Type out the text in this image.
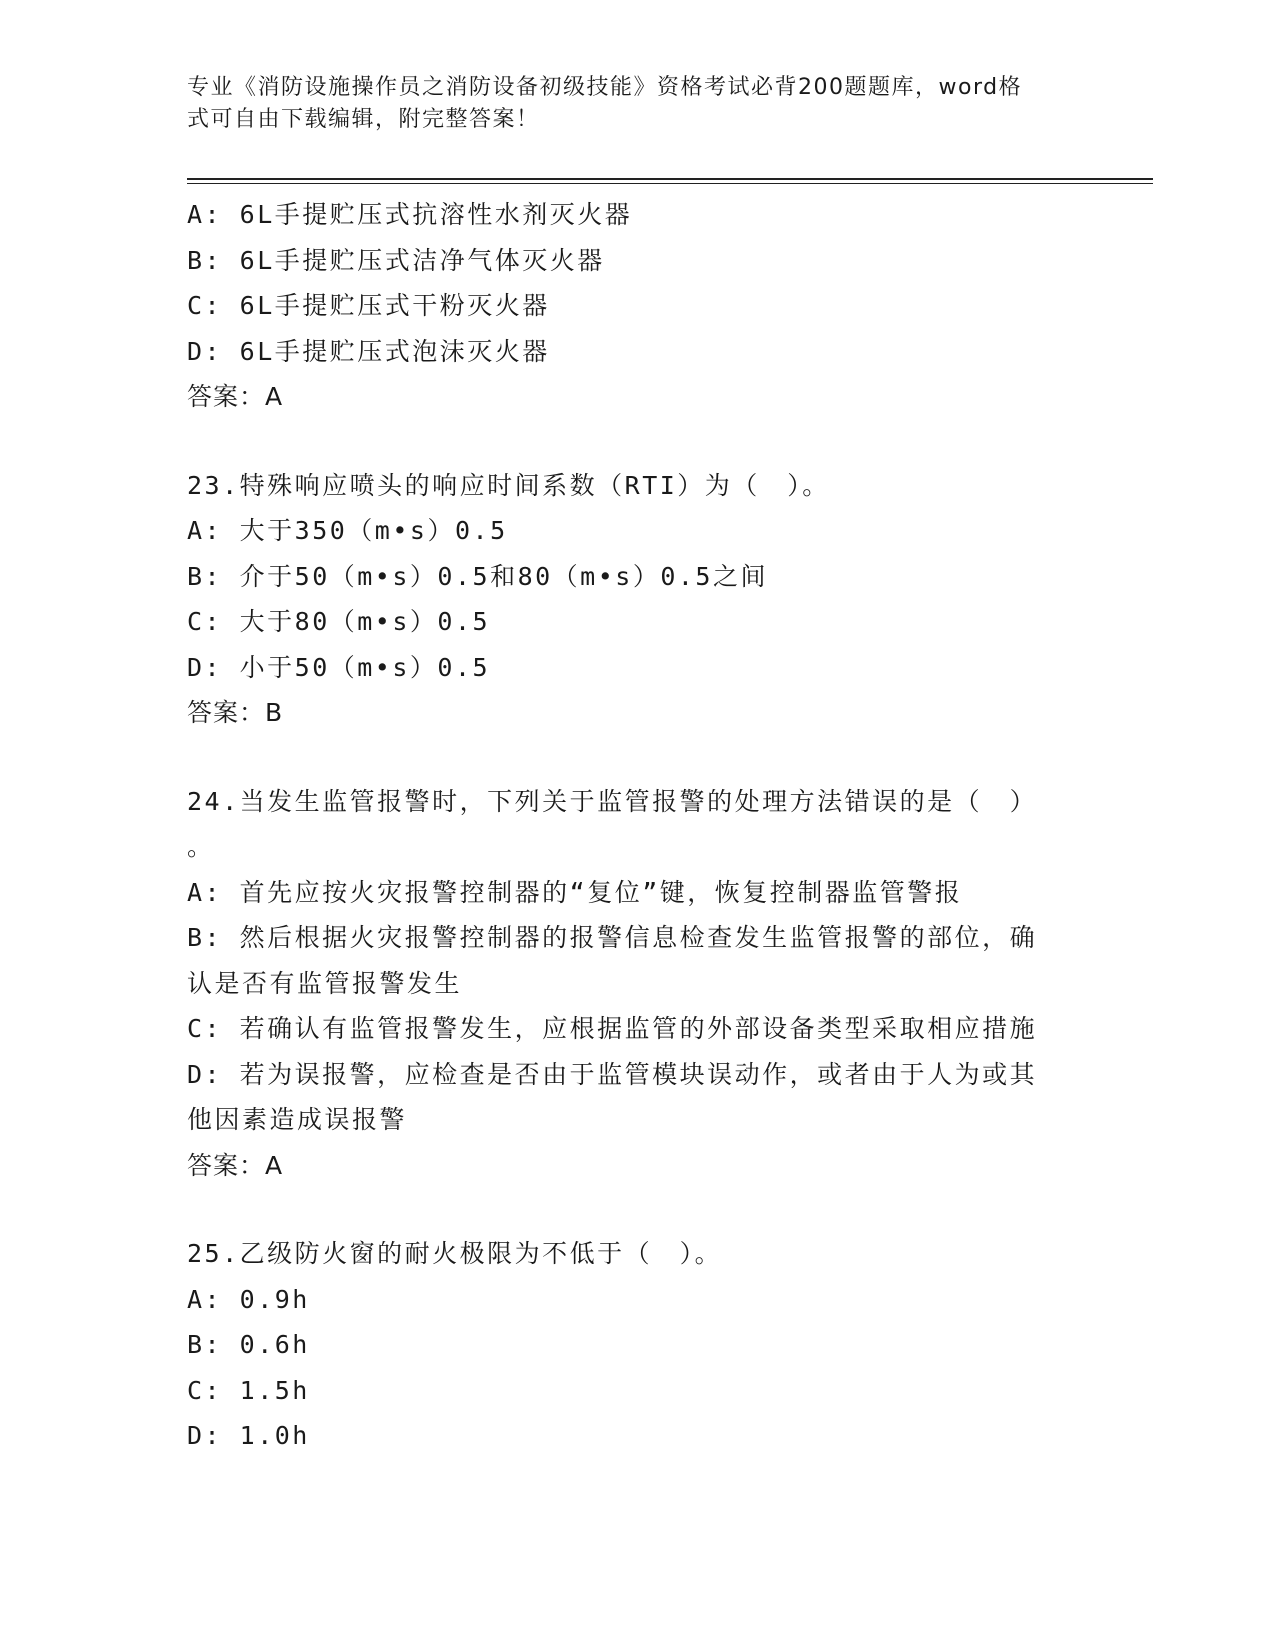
专业《消防设施操作员之消防设备初级技能》资格考试必背200题题库，word格
式可自由下载编辑，附完整答案！
A: 6L手提贮压式抗溶性水剂灭火器
B: 6L手提贮压式洁净气体灭火器
C: 6L手提贮压式干粉灭火器
D: 6L手提贮压式泡沫灭火器
答案：A
23.特殊响应喷头的响应时间系数（RTI）为（　）。
A: 大于350（m•s）0.5
B: 介于50（m•s）0.5和80（m•s）0.5之间
C: 大于80（m•s）0.5
D: 小于50（m•s）0.5
答案：B
24.当发生监管报警时，下列关于监管报警的处理方法错误的是（　）
。
A: 首先应按火灾报警控制器的“复位”键，恢复控制器监管警报
B: 然后根据火灾报警控制器的报警信息检查发生监管报警的部位，确
认是否有监管报警发生
C: 若确认有监管报警发生，应根据监管的外部设备类型采取相应措施
D: 若为误报警，应检查是否由于监管模块误动作，或者由于人为或其
他因素造成误报警
答案：A
25.乙级防火窗的耐火极限为不低于（　）。
A: 0.9h
B: 0.6h
C: 1.5h
D: 1.0h
